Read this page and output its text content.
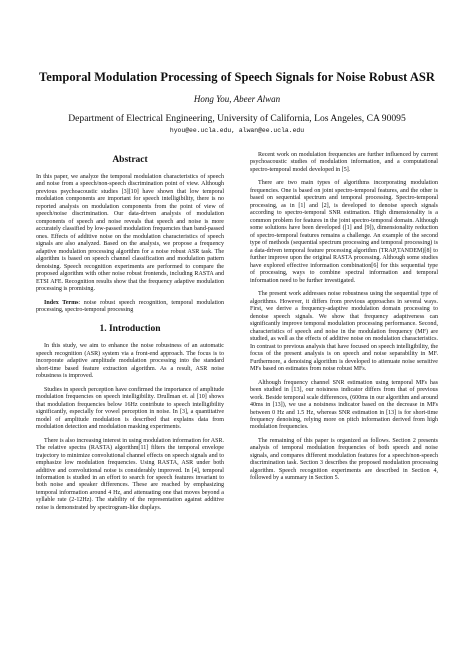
Temporal Modulation Processing of Speech Signals for Noise Robust ASR
Hong You, Abeer Alwan
Department of Electrical Engineering, University of California, Los Angeles, CA 90095
hyou@ee.ucla.edu, alwan@ee.ucla.edu
Abstract

In this paper, we analyze the temporal modulation characteristics of speech and noise from a speech/non-speech discrimination point of view. Although previous psychoacoustic studies [3][10] have shown that low temporal modulation components are important for speech intelligibility, there is no reported analysis on modulation components from the point of view of speech/noise discrimination. Our data-driven analysis of modulation components of speech and noise reveals that speech and noise is more accurately classified by low-passed modulation frequencies than band-passed ones. Effects of additive noise on the modulation characteristics of speech signals are also analyzed. Based on the analysis, we propose a frequency adaptive modulation processing algorithm for a noise robust ASR task. The algorithm is based on speech channel classification and modulation pattern denoising. Speech recognition experiments are performed to compare the proposed algorithm with other noise robust frontends, including RASTA and ETSI AFE. Recognition results show that the frequency adaptive modulation processing is promising.

Index Terms: noise robust speech recognition, temporal modulation processing, spectro-temporal processing

1. Introduction

In this study, we aim to enhance the noise robustness of an automatic speech recognition (ASR) system via a front-end approach. The focus is to incorporate adaptive amplitude modulation processing into the standard short-time based feature extraction algorithm. As a result, ASR noise robustness is improved.

Studies in speech perception have confirmed the importance of amplitude modulation frequencies on speech intelligibility. Drullman et. al [10] shows that modulation frequencies below 16Hz contribute to speech intelligibility significantly, especially for vowel perception in noise. In [3], a quantitative model of amplitude modulation is described that explains data from modulation detection and modulation masking experiments.

There is also increasing interest in using modulation information for ASR. The relative spectra (RASTA) algorithm[11] filters the temporal envelope trajectory to minimize convolutional channel effects on speech signals and to emphasize low modulation frequencies. Using RASTA, ASR under both additive and convolutional noise is considerably improved. In [4], temporal information is studied in an effort to search for speech features invariant to both noise and speaker differences. These are reached by emphasizing temporal information around 4 Hz, and attenuating one that moves beyond a syllable rate (2-12Hz). The stability of the representation against additive noise is demonstrated by spectrogram-like displays.

Recent work on modulation frequencies are further influenced by current psychoacoustic studies of modulation information, and a computational spectro-temporal model developed in [5].

There are two main types of algorithms incorporating modulation frequencies. One is based on joint spectro-temporal features, and the other is based on sequential spectrum and temporal processing. Spectro-temporal processing, as in [1] and [2], is developed to denoise speech signals according to spectro-temporal SNR estimation. High dimensionality is a common problem for features in the joint spectro-temporal domain. Although some solutions have been developed ([1] and [9]), dimensionality reduction of spectro-temporal features remains a challenge. An example of the second type of methods (sequential spectrum processing and temporal processing) is a data-driven temporal feature processing algorithm (TRAP,TANDEM)[8] to further improve upon the original RASTA processing. Although some studies have explored effective information combination[6] for this sequential type of processing, ways to combine spectral information and temporal information need to be further investigated.

The present work addresses noise robustness using the sequential type of algorithms. However, it differs from previous approaches in several ways. First, we derive a frequency-adaptive modulation domain processing to denoise speech signals. We show that frequency adaptiveness can significantly improve temporal modulation processing performance. Second, characteristics of speech and noise in the modulation frequency (MF) are studied, as well as the effects of additive noise on modulation characteristics. In contrast to previous analysis that have focused on speech intelligibility, the focus of the present analysis is on speech and noise separability in MF. Furthermore, a denoising algorithm is developed to attenuate noise sensitive MFs based on estimates from noise robust MFs.

Although frequency channel SNR estimation using temporal MFs has been studied in [13], our noisiness indicator differs from that of previous work. Beside temporal scale differences, (600ms in our algorithm and around 40ms in [13]), we use a noisiness indicator based on the decrease in MFs between 0 Hz and 1.5 Hz, whereas SNR estimation in [13] is for short-time frequency denoising, relying more on pitch information derived from high modulation frequencies.

The remaining of this paper is organized as follows. Section 2 presents analysis of temporal modulation frequencies of both speech and noise signals, and compares different modulation features for a speech/non-speech discrimination task. Section 3 describes the proposed modulation processing algorithm. Speech recognition experiments are described in Section 4, followed by a summary in Section 5.
